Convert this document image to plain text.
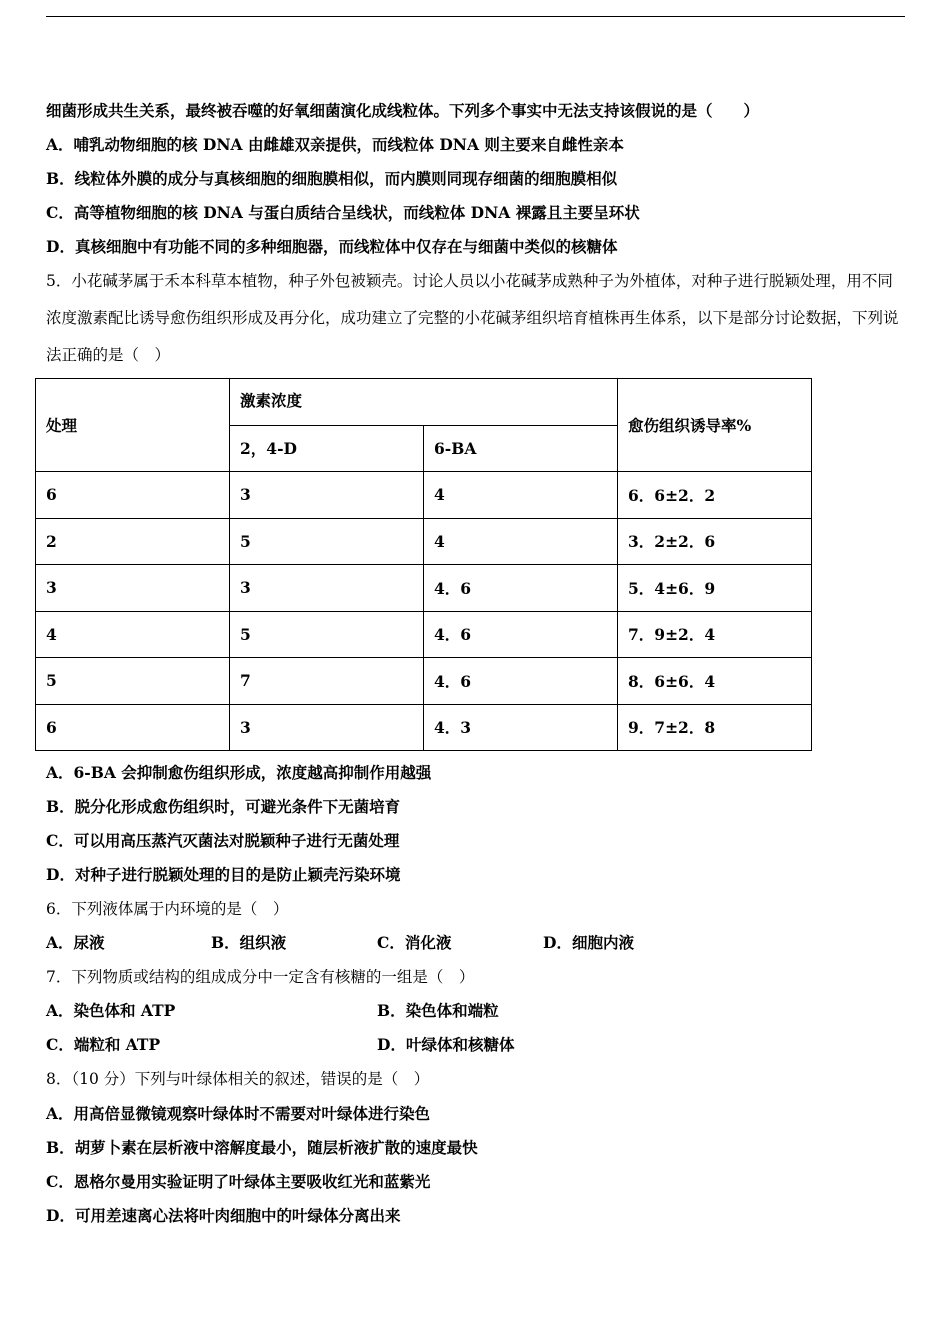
细菌形成共生关系，最终被吞噬的好氧细菌演化成线粒体。下列多个事实中无法支持该假说的是（　　）
A．哺乳动物细胞的核 DNA 由雌雄双亲提供，而线粒体 DNA 则主要来自雌性亲本
B．线粒体外膜的成分与真核细胞的细胞膜相似，而内膜则同现存细菌的细胞膜相似
C．高等植物细胞的核 DNA 与蛋白质结合呈线状，而线粒体 DNA 裸露且主要呈环状
D．真核细胞中有功能不同的多种细胞器，而线粒体中仅存在与细菌中类似的核糖体
5．小花碱茅属于禾本科草本植物，种子外包被颖壳。讨论人员以小花碱茅成熟种子为外植体，对种子进行脱颖处理，用不同浓度激素配比诱导愈伤组织形成及再分化，成功建立了完整的小花碱茅组织培育植株再生体系，以下是部分讨论数据，下列说法正确的是（　）
处理	激素浓度		愈伤组织诱导率%
	2，4-D	6-BA	
6	3	4	6．6±2．2
2	5	4	3．2±2．6
3	3	4．6	5．4±6．9
4	5	4．6	7．9±2．4
5	7	4．6	8．6±6．4
6	3	4．3	9．7±2．8
A．6-BA 会抑制愈伤组织形成，浓度越高抑制作用越强
B．脱分化形成愈伤组织时，可避光条件下无菌培育
C．可以用高压蒸汽灭菌法对脱颖种子进行无菌处理
D．对种子进行脱颖处理的目的是防止颖壳污染环境
6．下列液体属于内环境的是（　）
A．尿液	B．组织液	C．消化液	D．细胞内液
7．下列物质或结构的组成成分中一定含有核糖的一组是（　）
A．染色体和 ATP	B．染色体和端粒
C．端粒和 ATP	D．叶绿体和核糖体
8．（10 分）下列与叶绿体相关的叙述，错误的是（　）
A．用高倍显微镜观察叶绿体时不需要对叶绿体进行染色
B．胡萝卜素在层析液中溶解度最小，随层析液扩散的速度最快
C．恩格尔曼用实验证明了叶绿体主要吸收红光和蓝紫光
D．可用差速离心法将叶肉细胞中的叶绿体分离出来
